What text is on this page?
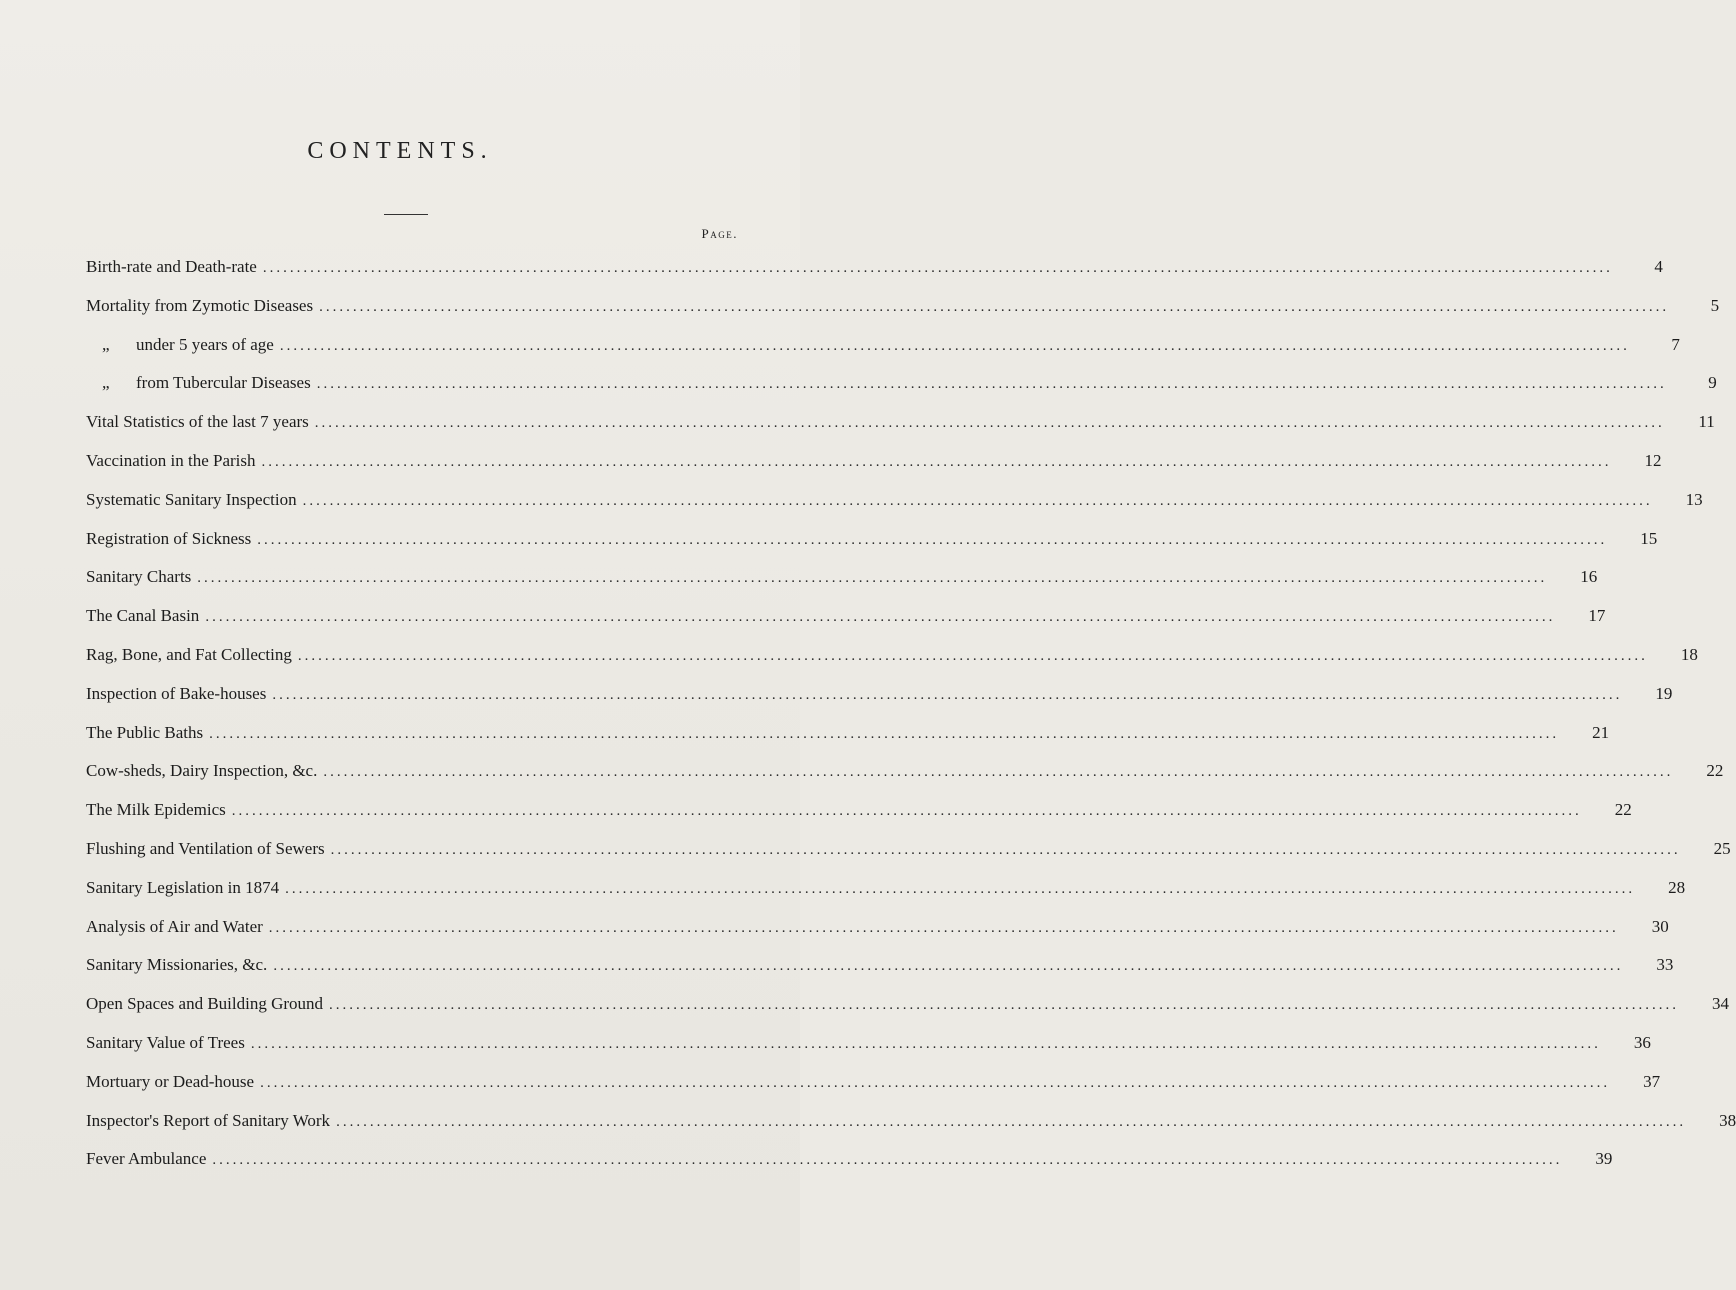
CONTENTS.
Page.
Birth-rate and Death-rate ........................................................................................................................................................................................................	4
Mortality from Zymotic Diseases ........................................................................................................................................................................................................	5
„ under 5 years of age ........................................................................................................................................................................................................	7
„ from Tubercular Diseases ........................................................................................................................................................................................................	9
Vital Statistics of the last 7 years ........................................................................................................................................................................................................	11
Vaccination in the Parish ........................................................................................................................................................................................................	12
Systematic Sanitary Inspection ........................................................................................................................................................................................................	13
Registration of Sickness ........................................................................................................................................................................................................	15
Sanitary Charts ........................................................................................................................................................................................................	16
The Canal Basin ........................................................................................................................................................................................................	17
Rag, Bone, and Fat Collecting ........................................................................................................................................................................................................	18
Inspection of Bake-houses ........................................................................................................................................................................................................	19
The Public Baths ........................................................................................................................................................................................................	21
Cow-sheds, Dairy Inspection, &c. ........................................................................................................................................................................................................	22
The Milk Epidemics ........................................................................................................................................................................................................	22
Flushing and Ventilation of Sewers ........................................................................................................................................................................................................	25
Sanitary Legislation in 1874 ........................................................................................................................................................................................................	28
Analysis of Air and Water ........................................................................................................................................................................................................	30
Sanitary Missionaries, &c. ........................................................................................................................................................................................................	33
Open Spaces and Building Ground ........................................................................................................................................................................................................	34
Sanitary Value of Trees ........................................................................................................................................................................................................	36
Mortuary or Dead-house ........................................................................................................................................................................................................	37
Inspector's Report of Sanitary Work ........................................................................................................................................................................................................	38
Fever Ambulance ........................................................................................................................................................................................................	39
